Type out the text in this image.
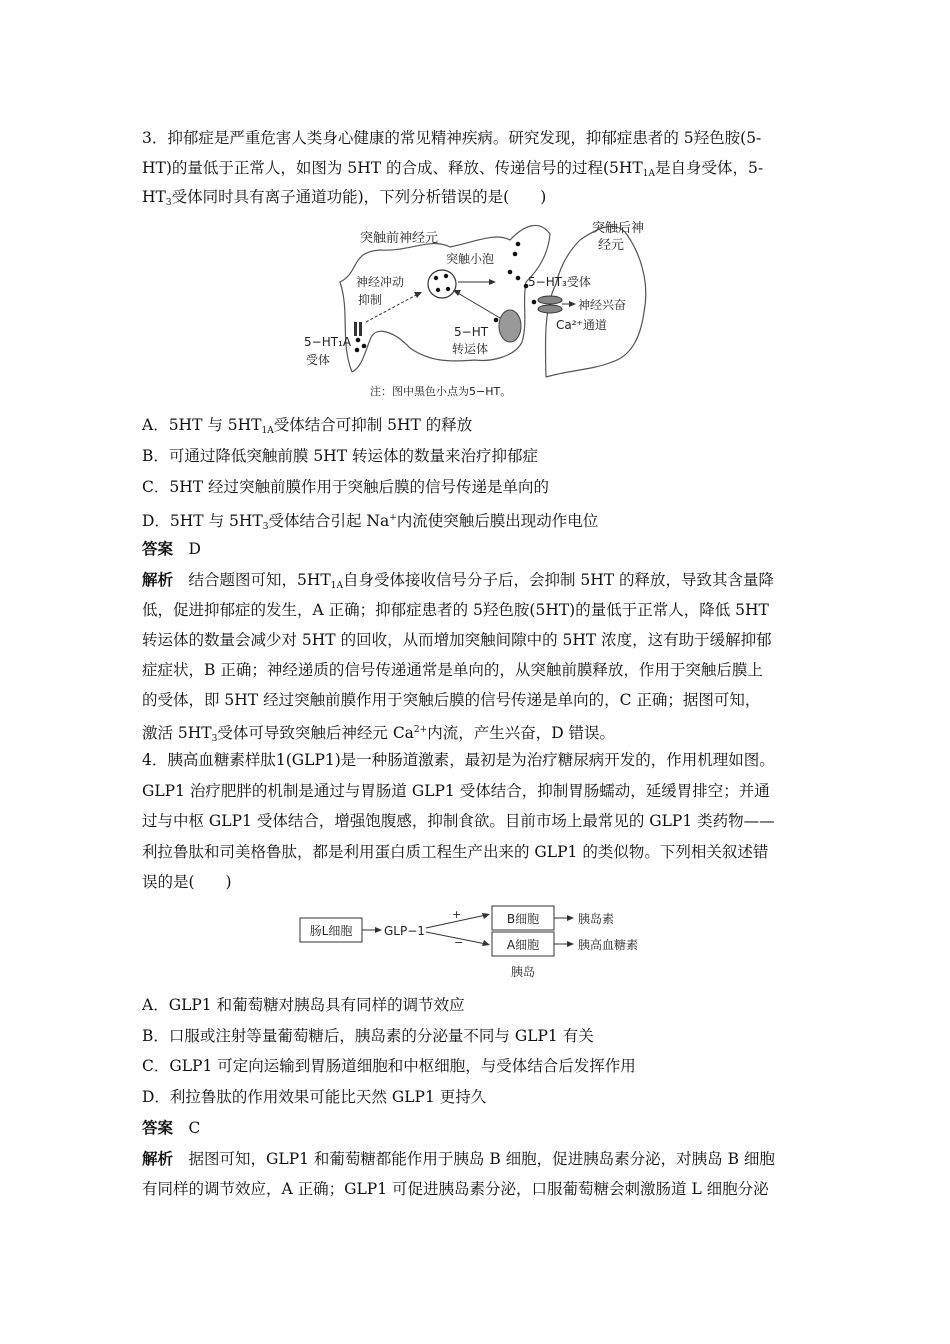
3．抑郁症是严重危害人类身心健康的常见精神疾病。研究发现，抑郁症患者的 5羟色胺(5-
HT)的量低于正常人，如图为 5HT 的合成、释放、传递信号的过程($5HT_{1A}$是自身受体，5-
$HT_3$受体同时具有离子通道功能)，下列分析错误的是(　　)
突触前神经元
突触后神
经元
神经冲动
抑制
突触小泡
5−HT₃受体
神经兴奋
Ca²⁺通道
5−HT
转运体
5−HT₁A
受体
注：图中黑色小点为5−HT。
A．5HT 与 $5HT_{1A}$受体结合可抑制 5HT 的释放
B．可通过降低突触前膜 5HT 转运体的数量来治疗抑郁症
C．5HT 经过突触前膜作用于突触后膜的信号传递是单向的
D．5HT 与 $5HT_3$受体结合引起 Na+内流使突触后膜出现动作电位
答案　 D
解析　 结合题图可知，$5HT_{1A}$自身受体接收信号分子后，会抑制 5HT 的释放，导致其含量降
低，促进抑郁症的发生，A 正确；抑郁症患者的 5羟色胺(5HT)的量低于正常人，降低 5HT
转运体的数量会减少对 5HT 的回收，从而增加突触间隙中的 5HT 浓度，这有助于缓解抑郁
症症状，B 正确；神经递质的信号传递通常是单向的，从突触前膜释放，作用于突触后膜上
的受体，即 5HT 经过突触前膜作用于突触后膜的信号传递是单向的，C 正确；据图可知，
激活 $5HT_3$受体可导致突触后神经元 $Ca^{2+}$内流，产生兴奋，D 错误。
4．胰高血糖素样肽1(GLP1)是一种肠道激素，最初是为治疗糖尿病开发的，作用机理如图。
GLP1 治疗肥胖的机制是通过与胃肠道 GLP1 受体结合，抑制胃肠蠕动，延缓胃排空；并通
过与中枢 GLP1 受体结合，增强饱腹感，抑制食欲。目前市场上最常见的 GLP1 类药物——
利拉鲁肽和司美格鲁肽，都是利用蛋白质工程生产出来的 GLP1 的类似物。下列相关叙述错
误的是(　　)
肠L细胞	GLP−1
+
−
B细胞
A细胞
胰岛素
胰高血糖素
胰岛
A．GLP1 和葡萄糖对胰岛具有同样的调节效应
B．口服或注射等量葡萄糖后，胰岛素的分泌量不同与 GLP1 有关
C．GLP1 可定向运输到胃肠道细胞和中枢细胞，与受体结合后发挥作用
D．利拉鲁肽的作用效果可能比天然 GLP1 更持久
答案　 C
解析　 据图可知，GLP1 和葡萄糖都能作用于胰岛 B 细胞，促进胰岛素分泌，对胰岛 B 细胞
有同样的调节效应，A 正确；GLP1 可促进胰岛素分泌，口服葡萄糖会刺激肠道 L 细胞分泌
